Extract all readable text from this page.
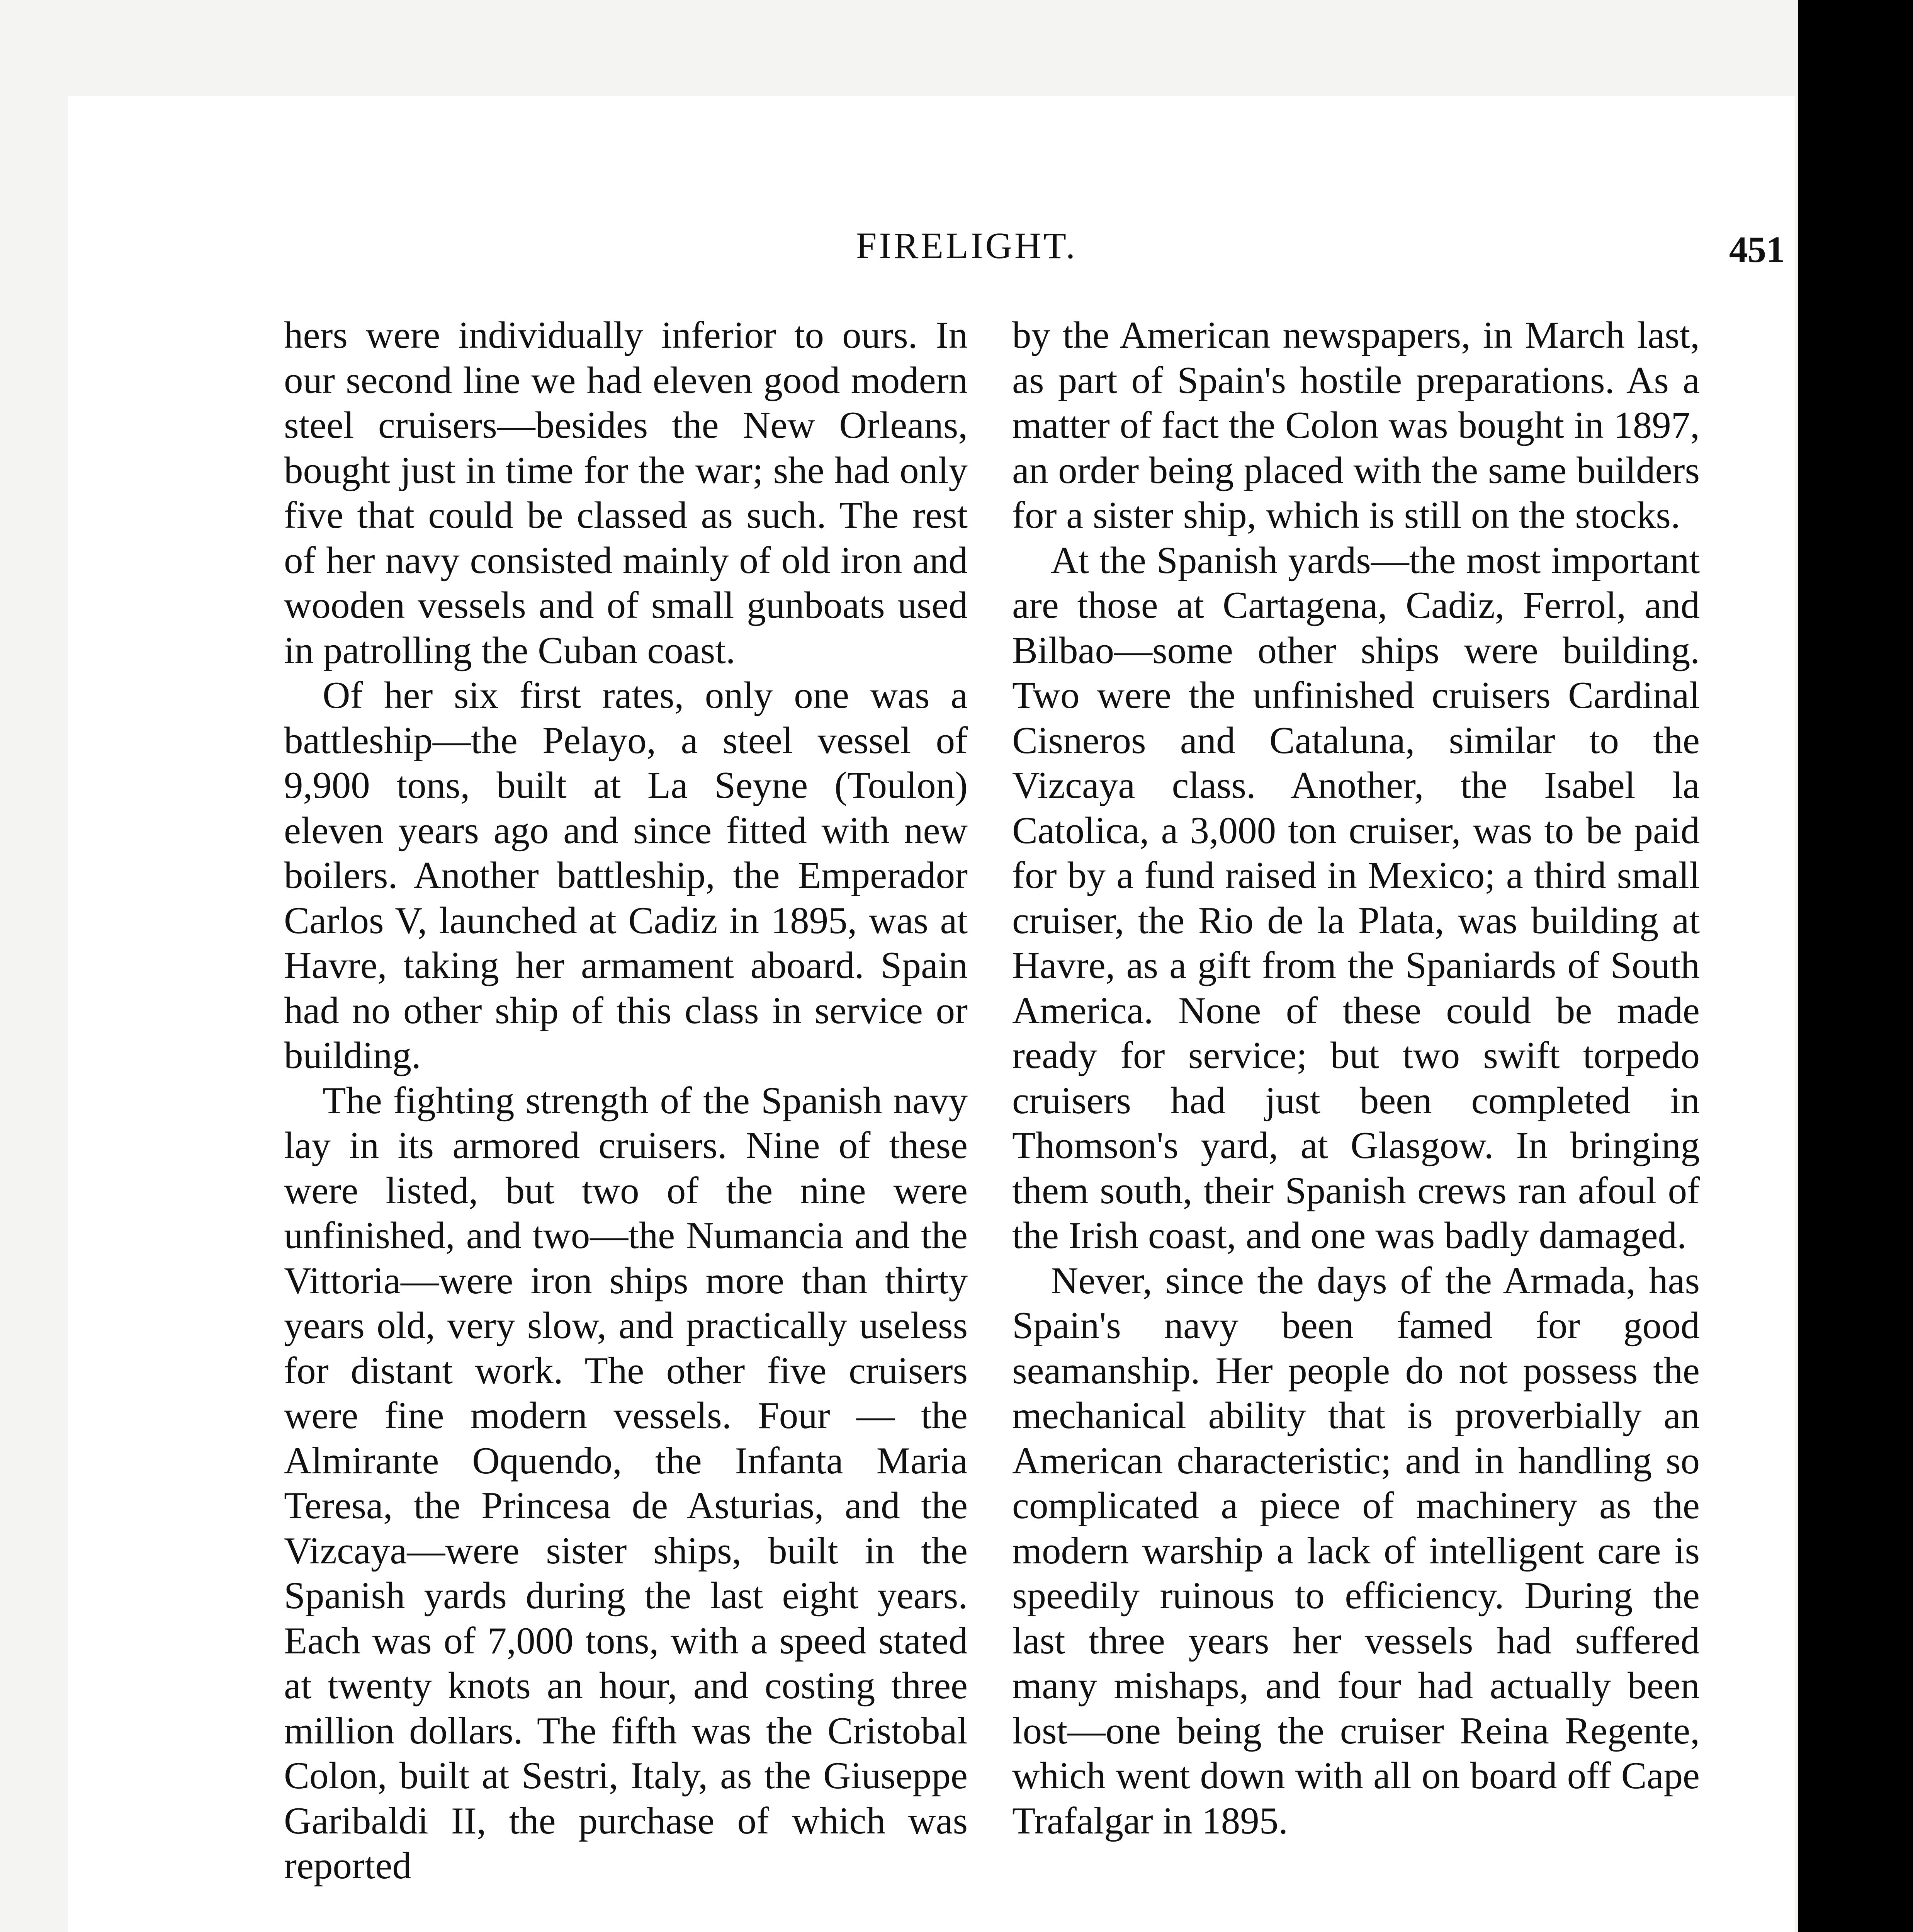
FIRELIGHT.	451

hers were individually inferior to ours. In our second line we had eleven good modern steel cruisers—besides the New Orleans, bought just in time for the war; she had only five that could be classed as such. The rest of her navy consisted mainly of old iron and wooden vessels and of small gunboats used in patrolling the Cuban coast.

Of her six first rates, only one was a battleship—the Pelayo, a steel vessel of 9,900 tons, built at La Seyne (Toulon) eleven years ago and since fitted with new boilers. Another battleship, the Emperador Carlos V, launched at Cadiz in 1895, was at Havre, taking her armament aboard. Spain had no other ship of this class in service or building.

The fighting strength of the Spanish navy lay in its armored cruisers. Nine of these were listed, but two of the nine were unfinished, and two—the Numancia and the Vittoria—were iron ships more than thirty years old, very slow, and practically useless for distant work. The other five cruisers were fine modern vessels. Four — the Almirante Oquendo, the Infanta Maria Teresa, the Princesa de Asturias, and the Vizcaya—were sister ships, built in the Spanish yards during the last eight years. Each was of 7,000 tons, with a speed stated at twenty knots an hour, and costing three million dollars. The fifth was the Cristobal Colon, built at Sestri, Italy, as the Giuseppe Garibaldi II, the purchase of which was reported

by the American newspapers, in March last, as part of Spain's hostile preparations. As a matter of fact the Colon was bought in 1897, an order being placed with the same builders for a sister ship, which is still on the stocks.

At the Spanish yards—the most important are those at Cartagena, Cadiz, Ferrol, and Bilbao—some other ships were building. Two were the unfinished cruisers Cardinal Cisneros and Cataluna, similar to the Vizcaya class. Another, the Isabel la Catolica, a 3,000 ton cruiser, was to be paid for by a fund raised in Mexico; a third small cruiser, the Rio de la Plata, was building at Havre, as a gift from the Spaniards of South America. None of these could be made ready for service; but two swift torpedo cruisers had just been completed in Thomson's yard, at Glasgow. In bringing them south, their Spanish crews ran afoul of the Irish coast, and one was badly damaged.

Never, since the days of the Armada, has Spain's navy been famed for good seamanship. Her people do not possess the mechanical ability that is proverbially an American characteristic; and in handling so complicated a piece of machinery as the modern warship a lack of intelligent care is speedily ruinous to efficiency. During the last three years her vessels had suffered many mishaps, and four had actually been lost—one being the cruiser Reina Regente, which went down with all on board off Cape Trafalgar in 1895.
